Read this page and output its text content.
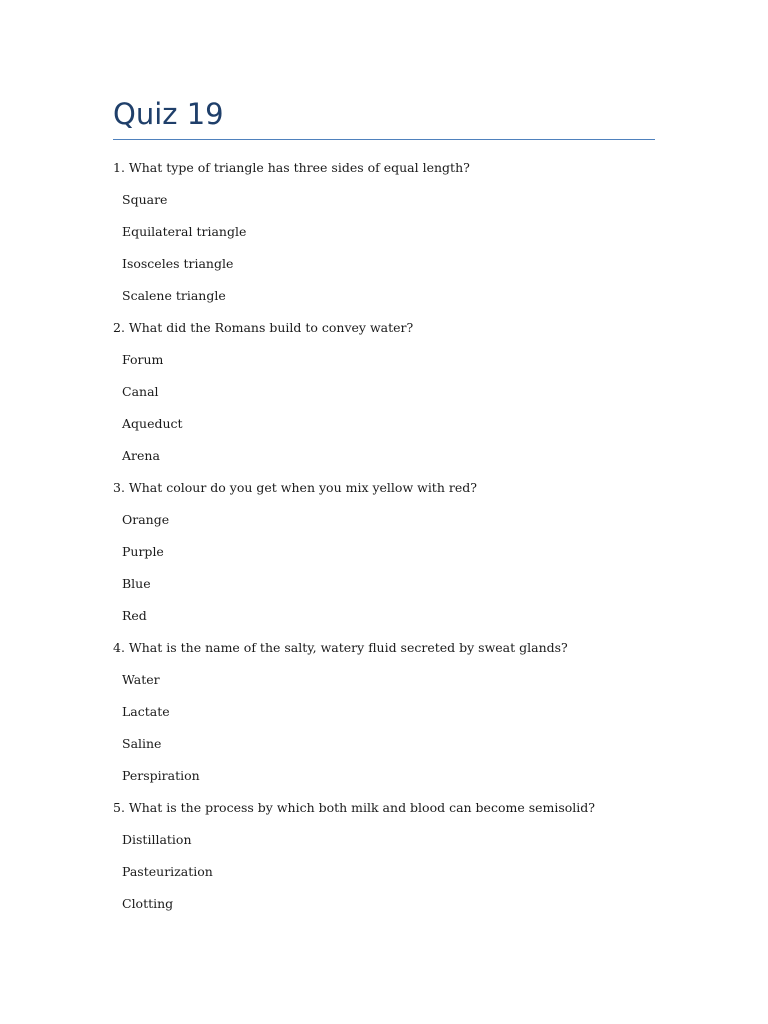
Quiz 19
1. What type of triangle has three sides of equal length?
Square
Equilateral triangle
Isosceles triangle
Scalene triangle
2. What did the Romans build to convey water?
Forum
Canal
Aqueduct
Arena
3. What colour do you get when you mix yellow with red?
Orange
Purple
Blue
Red
4. What is the name of the salty, watery fluid secreted by sweat glands?
Water
Lactate
Saline
Perspiration
5. What is the process by which both milk and blood can become semisolid?
Distillation
Pasteurization
Clotting
